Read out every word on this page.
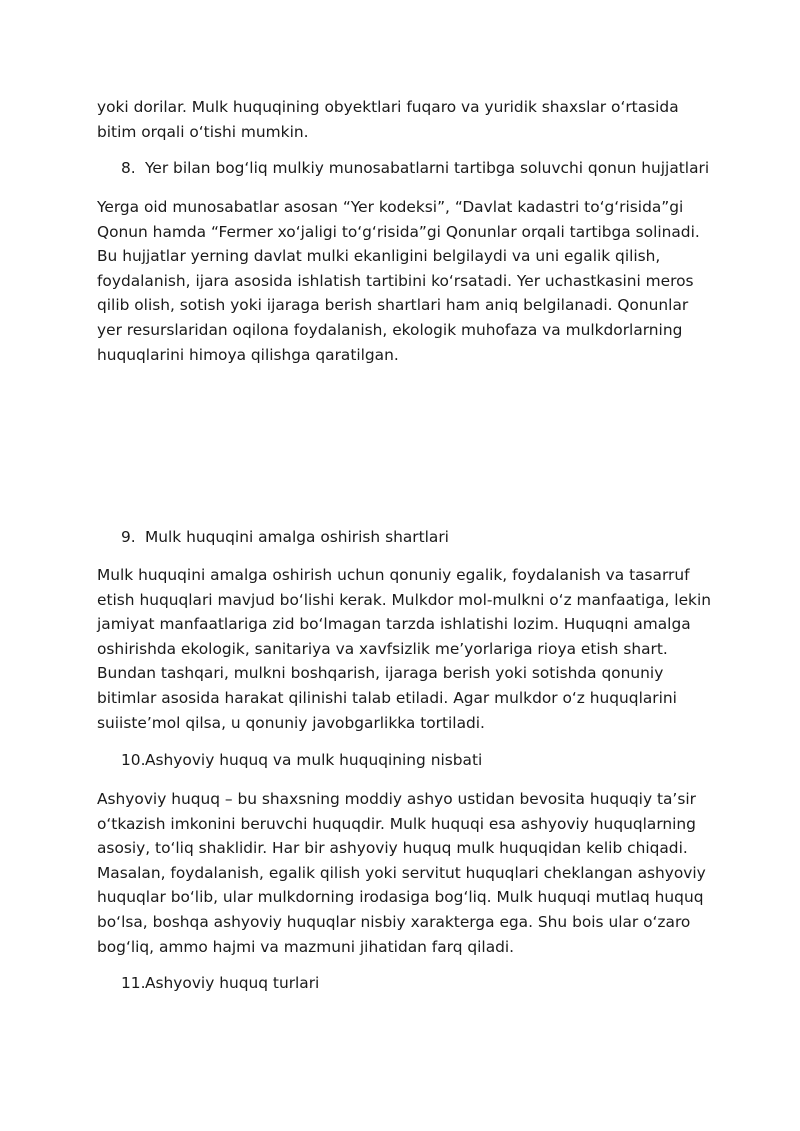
yoki dorilar. Mulk huquqining obyektlari fuqaro va yuridik shaxslar o‘rtasida bitim orqali o‘tishi mumkin.

8. Yer bilan bog‘liq mulkiy munosabatlarni tartibga soluvchi qonun hujjatlari

Yerga oid munosabatlar asosan “Yer kodeksi”, “Davlat kadastri to‘g‘risida”gi Qonun hamda “Fermer xo‘jaligi to‘g‘risida”gi Qonunlar orqali tartibga solinadi. Bu hujjatlar yerning davlat mulki ekanligini belgilaydi va uni egalik qilish, foydalanish, ijara asosida ishlatish tartibini ko‘rsatadi. Yer uchastkasini meros qilib olish, sotish yoki ijaraga berish shartlari ham aniq belgilanadi. Qonunlar yer resurslaridan oqilona foydalanish, ekologik muhofaza va mulkdorlarning huquqlarini himoya qilishga qaratilgan.

9. Mulk huquqini amalga oshirish shartlari

Mulk huquqini amalga oshirish uchun qonuniy egalik, foydalanish va tasarruf etish huquqlari mavjud bo‘lishi kerak. Mulkdor mol-mulkni o‘z manfaatiga, lekin jamiyat manfaatlariga zid bo‘lmagan tarzda ishlatishi lozim. Huquqni amalga oshirishda ekologik, sanitariya va xavfsizlik me’yorlariga rioya etish shart. Bundan tashqari, mulkni boshqarish, ijaraga berish yoki sotishda qonuniy bitimlar asosida harakat qilinishi talab etiladi. Agar mulkdor o‘z huquqlarini suiiste’mol qilsa, u qonuniy javobgarlikka tortiladi.

10.Ashyoviy huquq va mulk huquqining nisbati

Ashyoviy huquq – bu shaxsning moddiy ashyo ustidan bevosita huquqiy ta’sir o‘tkazish imkonini beruvchi huquqdir. Mulk huquqi esa ashyoviy huquqlarning asosiy, to‘liq shaklidir. Har bir ashyoviy huquq mulk huquqidan kelib chiqadi. Masalan, foydalanish, egalik qilish yoki servitut huquqlari cheklangan ashyoviy huquqlar bo‘lib, ular mulkdorning irodasiga bog‘liq. Mulk huquqi mutlaq huquq bo‘lsa, boshqa ashyoviy huquqlar nisbiy xarakterga ega. Shu bois ular o‘zaro bog‘liq, ammo hajmi va mazmuni jihatidan farq qiladi.

11.Ashyoviy huquq turlari
